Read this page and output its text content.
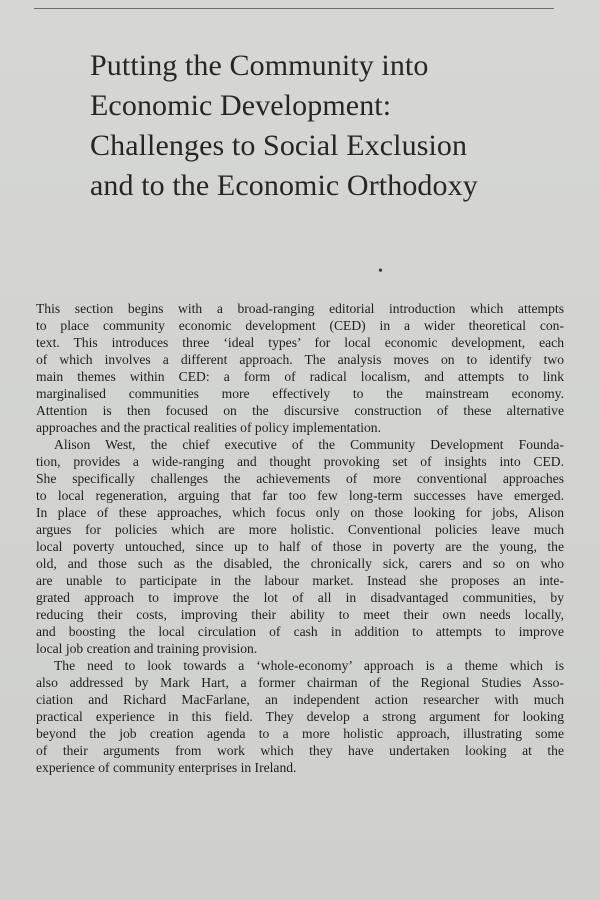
Putting the Community into
Economic Development:
Challenges to Social Exclusion
and to the Economic Orthodoxy
•

This section begins with a broad-ranging editorial introduction which attempts
to place community economic development (CED) in a wider theoretical con-
text. This introduces three ‘ideal types’ for local economic development, each
of which involves a different approach. The analysis moves on to identify two
main themes within CED: a form of radical localism, and attempts to link
marginalised communities more effectively to the mainstream economy.
Attention is then focused on the discursive construction of these alternative
approaches and the practical realities of policy implementation.

Alison West, the chief executive of the Community Development Founda-
tion, provides a wide-ranging and thought provoking set of insights into CED.
She specifically challenges the achievements of more conventional approaches
to local regeneration, arguing that far too few long-term successes have emerged.
In place of these approaches, which focus only on those looking for jobs, Alison
argues for policies which are more holistic. Conventional policies leave much
local poverty untouched, since up to half of those in poverty are the young, the
old, and those such as the disabled, the chronically sick, carers and so on who
are unable to participate in the labour market. Instead she proposes an inte-
grated approach to improve the lot of all in disadvantaged communities, by
reducing their costs, improving their ability to meet their own needs locally,
and boosting the local circulation of cash in addition to attempts to improve
local job creation and training provision.

The need to look towards a ‘whole-economy’ approach is a theme which is
also addressed by Mark Hart, a former chairman of the Regional Studies Asso-
ciation and Richard MacFarlane, an independent action researcher with much
practical experience in this field. They develop a strong argument for looking
beyond the job creation agenda to a more holistic approach, illustrating some
of their arguments from work which they have undertaken looking at the
experience of community enterprises in Ireland.
